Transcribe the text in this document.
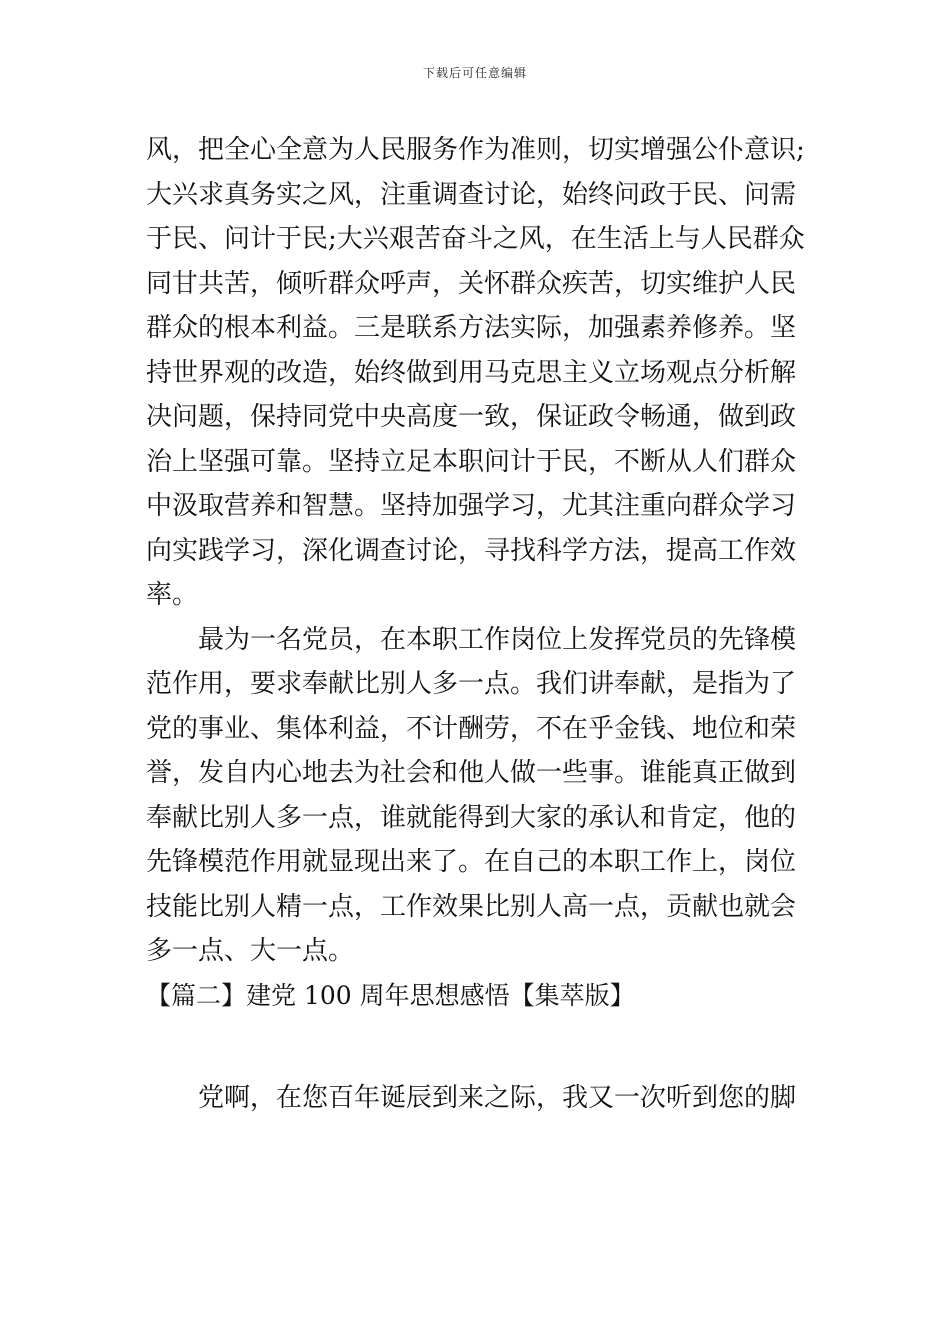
下载后可任意编辑
风，把全心全意为人民服务作为准则，切实增强公仆意识;
大兴求真务实之风，注重调查讨论，始终问政于民、问需
于民、问计于民;大兴艰苦奋斗之风，在生活上与人民群众
同甘共苦，倾听群众呼声，关怀群众疾苦，切实维护人民
群众的根本利益。三是联系方法实际，加强素养修养。坚
持世界观的改造，始终做到用马克思主义立场观点分析解
决问题，保持同党中央高度一致，保证政令畅通，做到政
治上坚强可靠。坚持立足本职问计于民，不断从人们群众
中汲取营养和智慧。坚持加强学习，尤其注重向群众学习
向实践学习，深化调查讨论，寻找科学方法，提高工作效
率。
最为一名党员，在本职工作岗位上发挥党员的先锋模
范作用，要求奉献比别人多一点。我们讲奉献，是指为了
党的事业、集体利益，不计酬劳，不在乎金钱、地位和荣
誉，发自内心地去为社会和他人做一些事。谁能真正做到
奉献比别人多一点，谁就能得到大家的承认和肯定，他的
先锋模范作用就显现出来了。在自己的本职工作上，岗位
技能比别人精一点，工作效果比别人高一点，贡献也就会
多一点、大一点。
【篇二】建党 100 周年思想感悟【集萃版】
党啊，在您百年诞辰到来之际，我又一次听到您的脚
